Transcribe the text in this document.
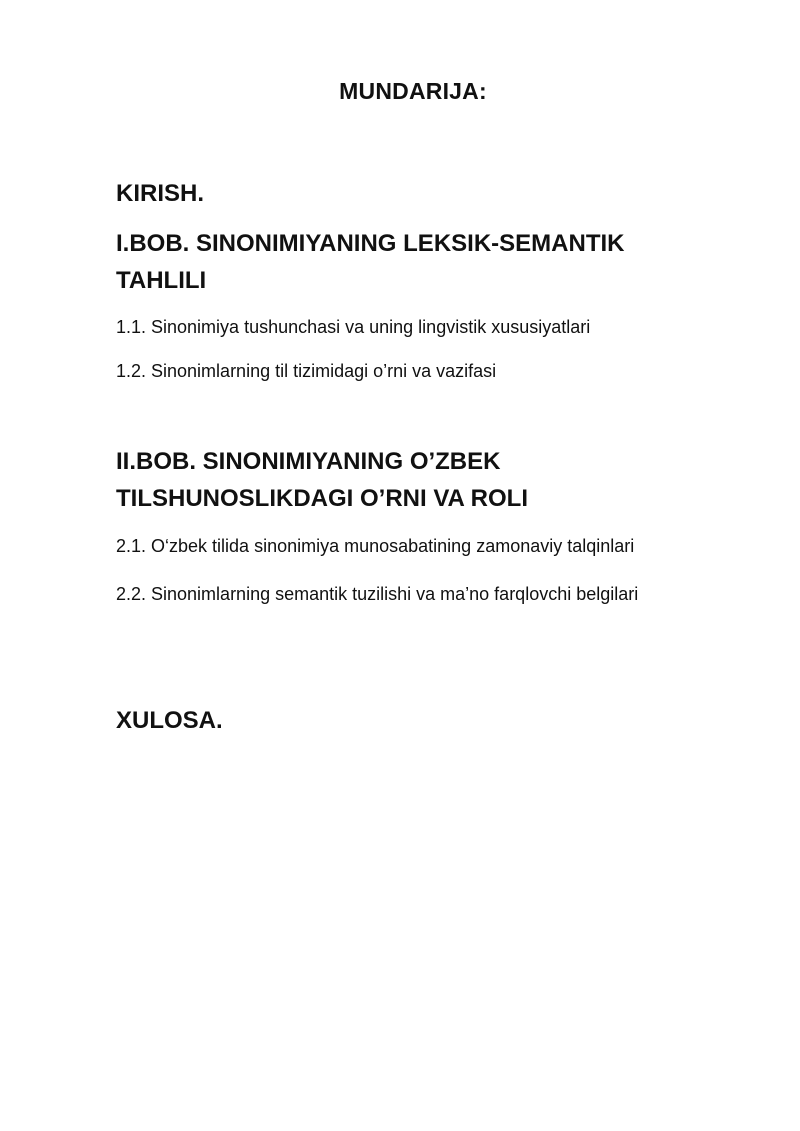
MUNDARIJA:
KIRISH.
I.BOB. SINONIMIYANING LEKSIK-SEMANTIK
TAHLILI
1.1. Sinonimiya tushunchasi va uning lingvistik xususiyatlari
1.2. Sinonimlarning til tizimidagi o’rni va vazifasi
II.BOB. SINONIMIYANING O’ZBEK
TILSHUNOSLIKDAGI O’RNI VA ROLI
2.1. O‘zbek tilida sinonimiya munosabatining zamonaviy talqinlari
2.2. Sinonimlarning semantik tuzilishi va ma’no farqlovchi belgilari
XULOSA.
